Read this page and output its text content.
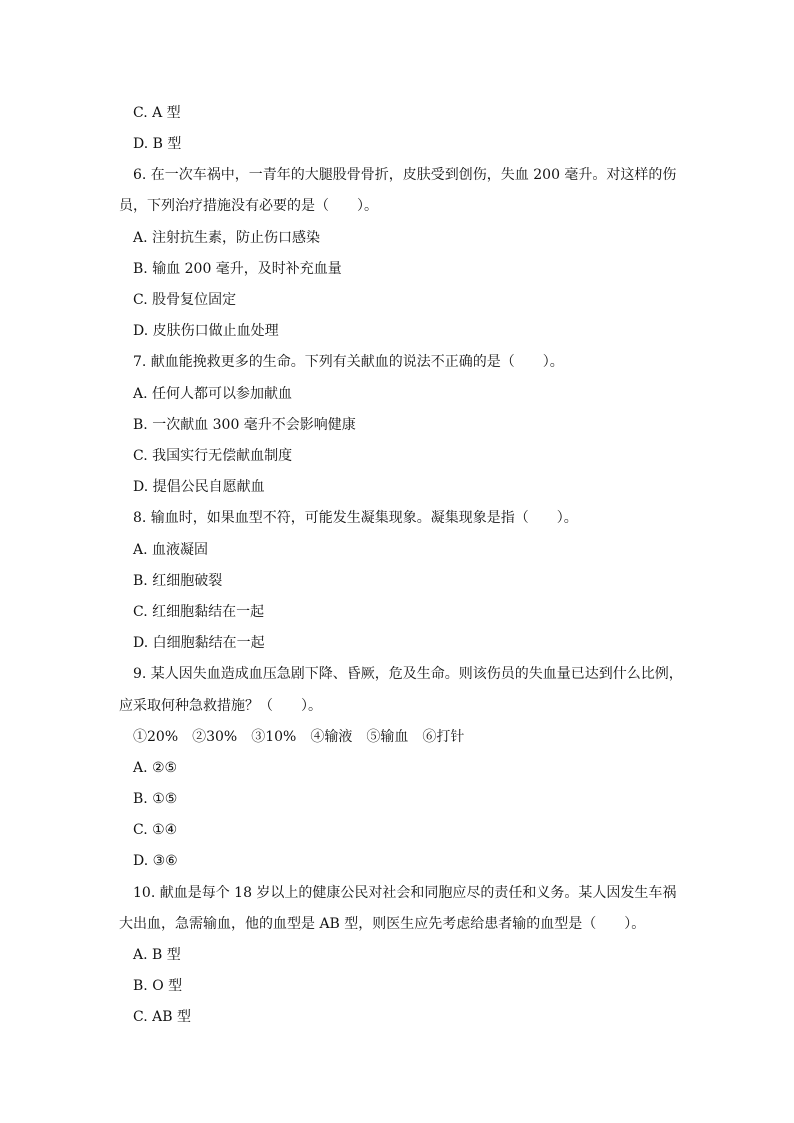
C. A 型
D. B 型
6. 在一次车祸中，一青年的大腿股骨骨折，皮肤受到创伤，失血 200 毫升。对这样的伤
员，下列治疗措施没有必要的是（　　）。
A. 注射抗生素，防止伤口感染
B. 输血 200 毫升，及时补充血量
C. 股骨复位固定
D. 皮肤伤口做止血处理
7. 献血能挽救更多的生命。下列有关献血的说法不正确的是（　　）。
A. 任何人都可以参加献血
B. 一次献血 300 毫升不会影响健康
C. 我国实行无偿献血制度
D. 提倡公民自愿献血
8. 输血时，如果血型不符，可能发生凝集现象。凝集现象是指（　　）。
A. 血液凝固
B. 红细胞破裂
C. 红细胞黏结在一起
D. 白细胞黏结在一起
9. 某人因失血造成血压急剧下降、昏厥，危及生命。则该伤员的失血量已达到什么比例，
应采取何种急救措施？（　　）。
①20%　②30%　③10%　④输液　⑤输血　⑥打针
A. ②⑤
B. ①⑤
C. ①④
D. ③⑥
10. 献血是每个 18 岁以上的健康公民对社会和同胞应尽的责任和义务。某人因发生车祸
大出血，急需输血，他的血型是 AB 型，则医生应先考虑给患者输的血型是（　　）。
A. B 型
B. O 型
C. AB 型
